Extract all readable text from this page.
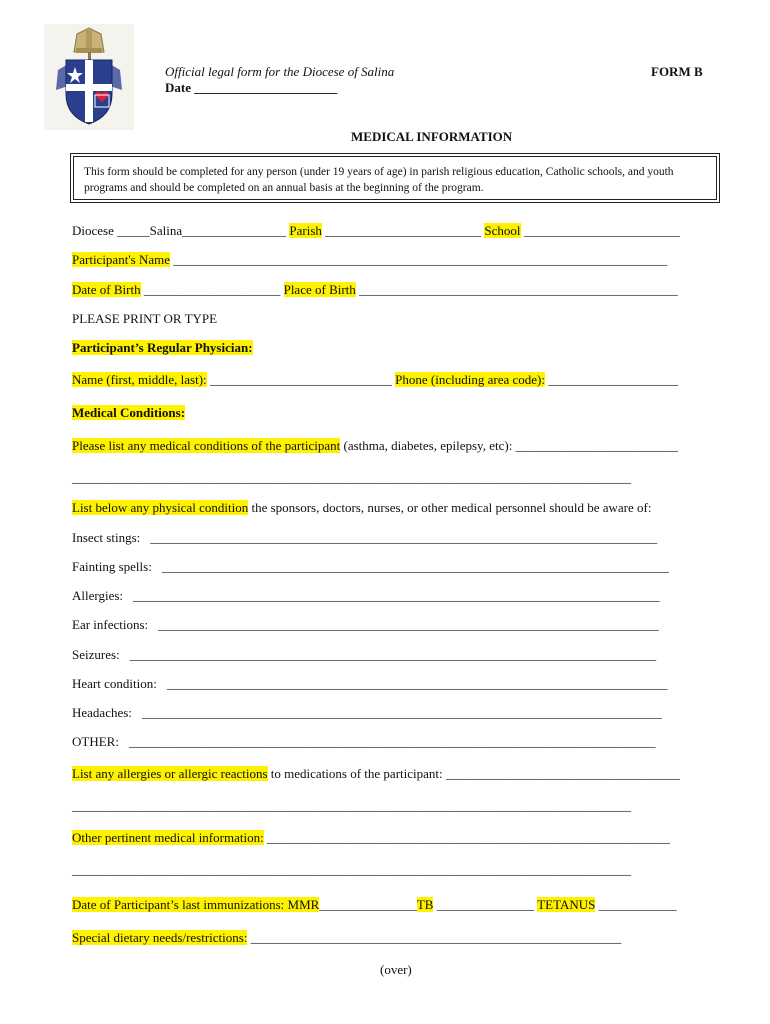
Official legal form for the Diocese of Salina
Date ______________________
FORM B
MEDICAL INFORMATION
This form should be completed for any person (under 19 years of age) in parish religious education, Catholic schools, and youth programs and should be completed on an annual basis at the beginning of the program.
Diocese _____Salina________________ Parish ________________________ School ________________________
Participant's Name ____________________________________________________________________________
Date of Birth _____________________ Place of Birth _________________________________________________
PLEASE PRINT OR TYPE
Participant’s Regular Physician:
Name (first, middle, last): ____________________________ Phone (including area code): ____________________
Medical Conditions:
Please list any medical conditions of the participant (asthma, diabetes, epilepsy, etc): _________________________
______________________________________________________________________________________
List below any physical condition the sponsors, doctors, nurses, or other medical personnel should be aware of:
Insect stings: ______________________________________________________________________________
Fainting spells: ______________________________________________________________________________
Allergies: _________________________________________________________________________________
Ear infections: _____________________________________________________________________________
Seizures: _________________________________________________________________________________
Heart condition: _____________________________________________________________________________
Headaches: ________________________________________________________________________________
OTHER: _________________________________________________________________________________
List any allergies or allergic reactions to medications of the participant: ____________________________________
______________________________________________________________________________________
Other pertinent medical information: ______________________________________________________________
______________________________________________________________________________________
Date of Participant’s last immunizations: MMR_______________TB _______________ TETANUS ____________
Special dietary needs/restrictions: _________________________________________________________
(over)
